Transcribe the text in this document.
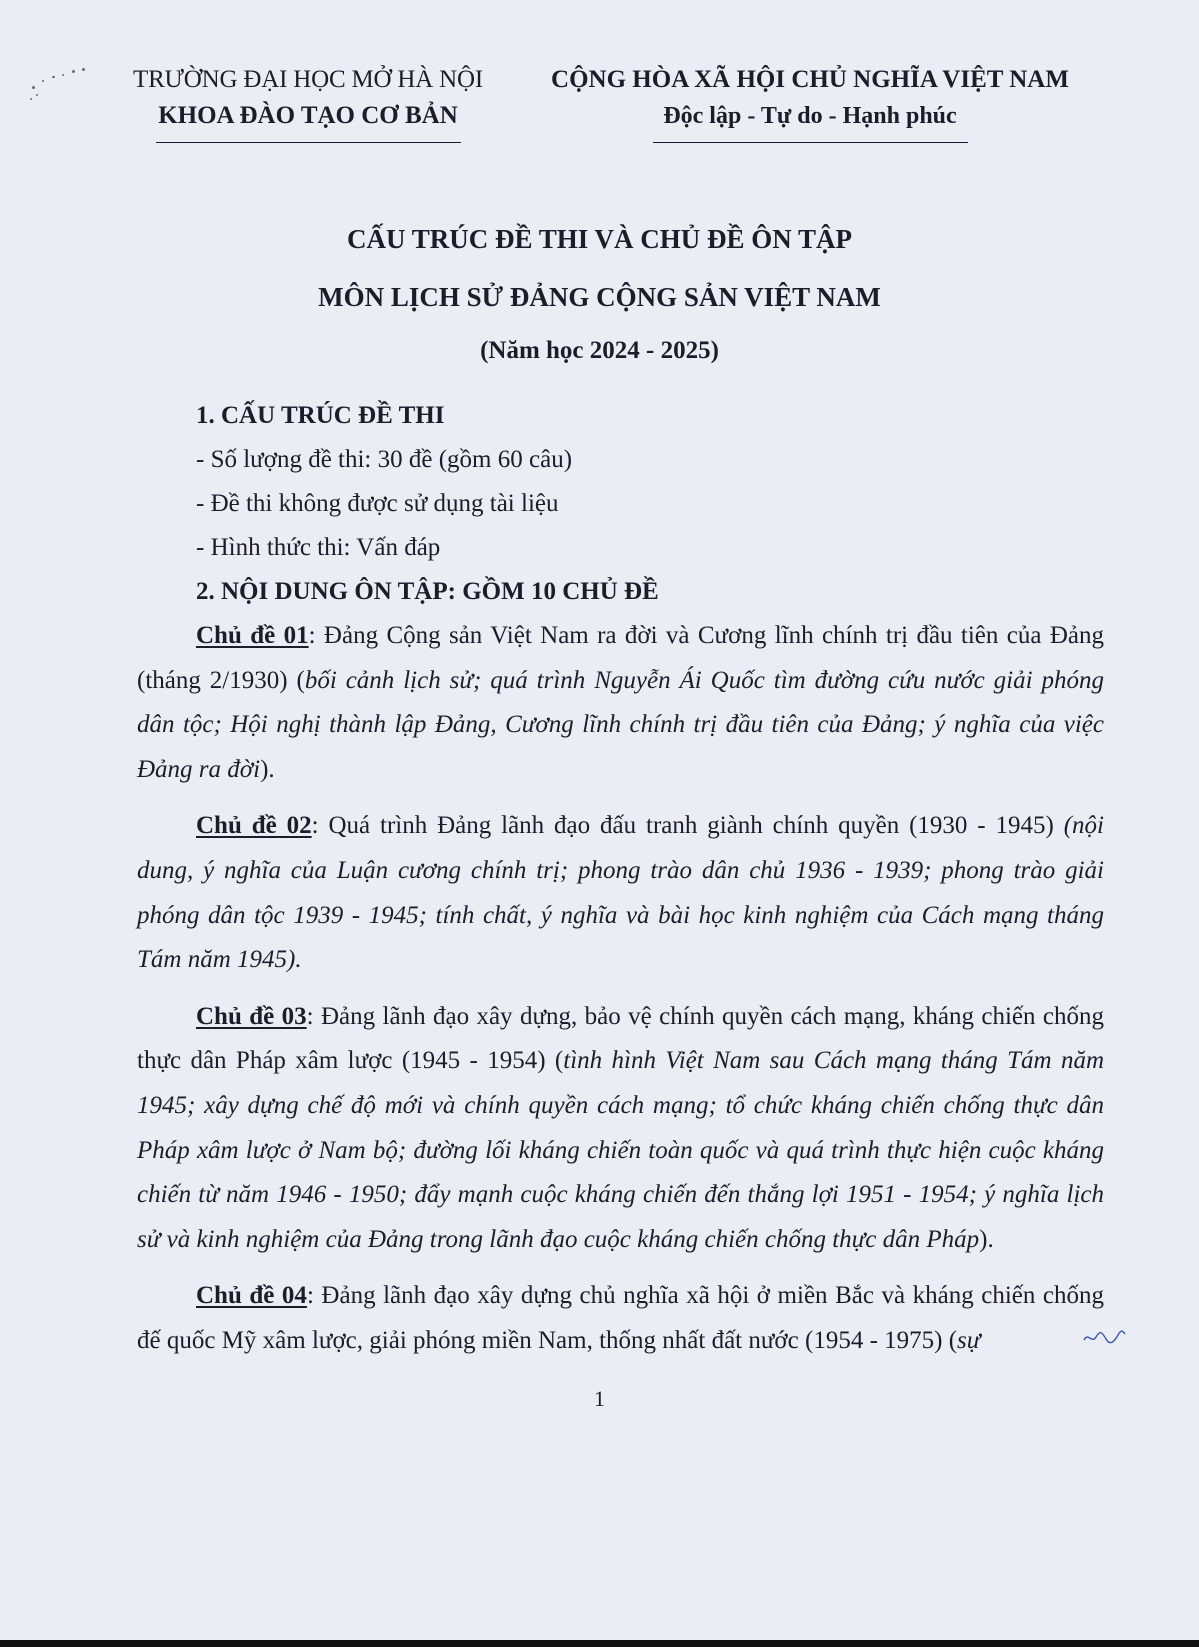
TRƯỜNG ĐẠI HỌC MỞ HÀ NỘI
KHOA ĐÀO TẠO CƠ BẢN
CỘNG HÒA XÃ HỘI CHỦ NGHĨA VIỆT NAM
Độc lập - Tự do - Hạnh phúc
CẤU TRÚC ĐỀ THI VÀ CHỦ ĐỀ ÔN TẬP
MÔN LỊCH SỬ ĐẢNG CỘNG SẢN VIỆT NAM
(Năm học 2024 - 2025)
1. CẤU TRÚC ĐỀ THI
- Số lượng đề thi: 30 đề (gồm 60 câu)
- Đề thi không được sử dụng tài liệu
- Hình thức thi: Vấn đáp
2. NỘI DUNG ÔN TẬP: GỒM 10 CHỦ ĐỀ

Chủ đề 01: Đảng Cộng sản Việt Nam ra đời và Cương lĩnh chính trị đầu tiên của Đảng (tháng 2/1930) (bối cảnh lịch sử; quá trình Nguyễn Ái Quốc tìm đường cứu nước giải phóng dân tộc; Hội nghị thành lập Đảng, Cương lĩnh chính trị đầu tiên của Đảng; ý nghĩa của việc Đảng ra đời).

Chủ đề 02: Quá trình Đảng lãnh đạo đấu tranh giành chính quyền (1930 - 1945) (nội dung, ý nghĩa của Luận cương chính trị; phong trào dân chủ 1936 - 1939; phong trào giải phóng dân tộc 1939 - 1945; tính chất, ý nghĩa và bài học kinh nghiệm của Cách mạng tháng Tám năm 1945).

Chủ đề 03: Đảng lãnh đạo xây dựng, bảo vệ chính quyền cách mạng, kháng chiến chống thực dân Pháp xâm lược (1945 - 1954) (tình hình Việt Nam sau Cách mạng tháng Tám năm 1945; xây dựng chế độ mới và chính quyền cách mạng; tổ chức kháng chiến chống thực dân Pháp xâm lược ở Nam bộ; đường lối kháng chiến toàn quốc và quá trình thực hiện cuộc kháng chiến từ năm 1946 - 1950; đẩy mạnh cuộc kháng chiến đến thắng lợi 1951 - 1954; ý nghĩa lịch sử và kinh nghiệm của Đảng trong lãnh đạo cuộc kháng chiến chống thực dân Pháp).

Chủ đề 04: Đảng lãnh đạo xây dựng chủ nghĩa xã hội ở miền Bắc và kháng chiến chống đế quốc Mỹ xâm lược, giải phóng miền Nam, thống nhất đất nước (1954 - 1975) (sự

1
